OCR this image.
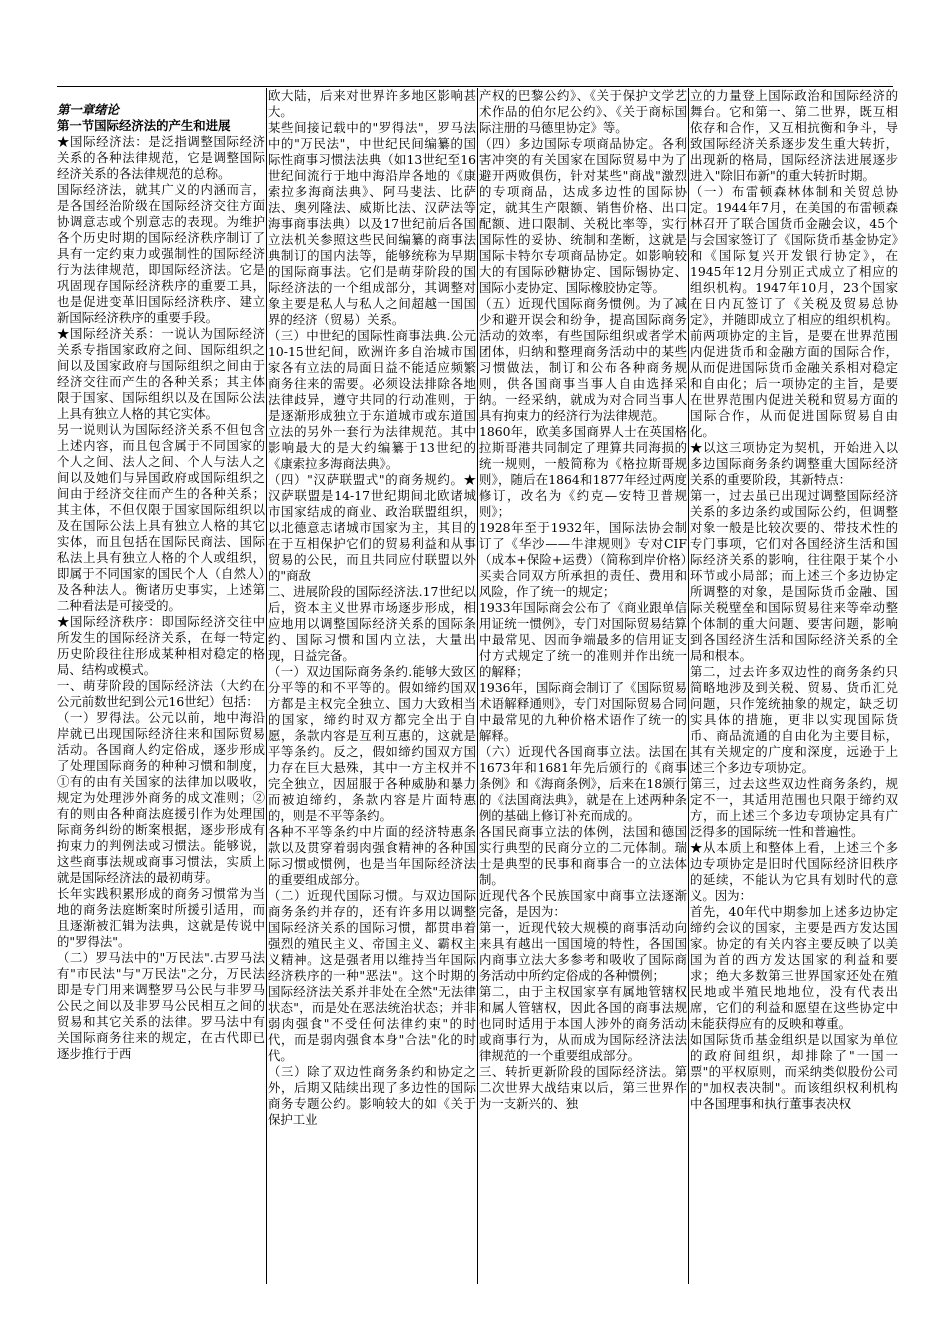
第一章绪论

第一节国际经济法的产生和进展

★国际经济法：是泛指调整国际经济关系的各种法律规范，它是调整国际经济关系的各法律规范的总称。

国际经济法，就其广义的内涵而言，是各国经治阶级在国际经济交往方面协调意志或个别意志的表现。为维护各个历史时期的国际经济秩序制订了具有一定约束力或强制性的国际经济行为法律规范，即国际经济法。它是巩固现存国际经济秩序的重要工具，也是促进变革旧国际经济秩序、建立新国际经济秩序的重要手段。

★国际经济关系：一说认为国际经济关系专指国家政府之间、国际组织之间以及国家政府与国际组织之间由于经济交往而产生的各种关系；其主体限于国家、国际组织以及在国际公法上具有独立人格的其它实体。

另一说则认为国际经济关系不但包含上述内容，而且包含属于不同国家的个人之间、法人之间、个人与法人之间以及她们与异国政府或国际组织之间由于经济交往而产生的各种关系；其主体，不但仅限于国家国际组织以及在国际公法上具有独立人格的其它实体，而且包括在国际民商法、国际私法上具有独立人格的个人或组织，即属于不同国家的国民个人（自然人）及各种法人。衡诸历史事实，上述第二种看法是可接受的。

★国际经济秩序：即国际经济交往中所发生的国际经济关系，在每一特定历史阶段往往形成某种相对稳定的格局、结构或模式。

一、萌芽阶段的国际经济法（大约在公元前数世纪到公元16世纪）包括：

（一）罗得法。公元以前，地中海沿岸就已出现国际经济往来和国际贸易活动。各国商人约定俗成，逐步形成了处理国际商务的种种习惯和制度，①有的由有关国家的法律加以吸收，规定为处理涉外商务的成文准则；②有的则由各种商法庭援引作为处理国际商务纠纷的断案根据，逐步形成有拘束力的判例法或习惯法。能够说，这些商事法规或商事习惯法，实质上就是国际经济法的最初萌芽。

长年实践积累形成的商务习惯常为当地的商务法庭断案时所援引适用，而且逐渐被汇辑为法典，这就是传说中的"罗得法"。

（二）罗马法中的"万民法".古罗马法有"市民法"与"万民法"之分，万民法即是专门用来调整罗马公民与非罗马公民之间以及非罗马公民相互之间的贸易和其它关系的法律。罗马法中有关国际商务往来的规定，在古代即已逐步推行于西

欧大陆，后来对世界许多地区影响甚大。

某些间接记载中的"罗得法"，罗马法中的"万民法"，中世纪民间编纂的国际性商事习惯法法典（如13世纪至16世纪间流行于地中海沿岸各地的《康索拉多海商法典》、阿马斐法、比萨法、奥列隆法、威斯比法、汉萨法等海事商事法典）以及17世纪前后各国立法机关参照这些民间编纂的商事法典制订的国内法等，能够统称为早期的国际商事法。它们是萌芽阶段的国际经济法的一个组成部分，其调整对象主要是私人与私人之间超越一国国界的经济（贸易）关系。

（三）中世纪的国际性商事法典.公元10-15世纪间，欧洲许多自治城市国家各有立法的局面日益不能适应频繁商务往来的需要。必须设法排除各地法律歧异，遵守共同的行动准则，于是逐渐形成独立于东道城市或东道国立法的另外一套行为法律规范。其中影响最大的是大约编纂于13世纪的《康索拉多海商法典》。

（四）"汉萨联盟式"的商务规约。★汉萨联盟是14-17世纪期间北欧诸城市国家结成的商业、政治联盟组织，以北德意志诸城市国家为主，其目的在于互相保护它们的贸易利益和从事贸易的公民，而且共同应付联盟以外的"商敌

二、进展阶段的国际经济法.17世纪以后，资本主义世界市场逐步形成，相应地用以调整国际经济关系的国际条约、国际习惯和国内立法，大量出现，日益完备。

（一）双边国际商务条约.能够大致区分平等的和不平等的。假如缔约国双方都是主权完全独立、国力大致相当的国家，缔约时双方都完全出于自愿，条款内容是互利互惠的，这就是平等条约。反之，假如缔约国双方国力存在巨大悬殊，其中一方主权并不完全独立，因屈服于各种威胁和暴力而被迫缔约，条款内容是片面特惠的，则是不平等条约。

各种不平等条约中片面的经济特惠条款以及贯穿着弱肉强食精神的各种国际习惯或惯例，也是当年国际经济法的重要组成部分。

（二）近现代国际习惯。与双边国际商务条约并存的，还有许多用以调整国际经济关系的国际习惯，都贯串着强烈的殖民主义、帝国主义、霸权主义精神。这是强者用以维持当年国际经济秩序的一种"恶法"。这个时期的国际经济法关系并非处在全然"无法律状态"，而是处在恶法统治状态；并非弱肉强食"不受任何法律约束"的时代，而是弱肉强食本身"合法"化的时代。

（三）除了双边性商务条约和协定之外，后期又陆续出现了多边性的国际商务专题公约。影响较大的如《关于保护工业

产权的巴黎公约》、《关于保护文学艺术作品的伯尔尼公约》、《关于商标国际注册的马德里协定》等。

（四）多边国际专项商品协定。各利害冲突的有关国家在国际贸易中为了避开两败俱伤，针对某些"商战"激烈的专项商品，达成多边性的国际协定，就其生产限额、销售价格、出口配额、进口限制、关税比率等，实行国际性的妥协、统制和垄断，这就是国际卡特尔专项商品协定。如影响较大的有国际砂糖协定、国际锡协定、国际小麦协定、国际橡胶协定等。

（五）近现代国际商务惯例。为了减少和避开误会和纷争，提高国际商务活动的效率，有些国际组织或者学术团体，归纳和整理商务活动中的某些习惯做法，制订和公布各种商务规则，供各国商事当事人自由选择采纳。一经采纳，就成为对合同当事人具有拘束力的经济行为法律规范。

1860年，欧美多国商界人士在英国格拉斯哥港共同制定了理算共同海损的统一规则，一般简称为《格拉斯哥规则》，随后在1864和1877年经过两度修订，改名为《约克—安特卫普规则》；

1928年至于1932年，国际法协会制订了《华沙——牛津规则》专对CIF（成本+保险+运费）（简称到岸价格）买卖合同双方所承担的责任、费用和风险，作了统一的规定；

1933年国际商会公布了《商业跟单信用证统一惯例》，专门对国际贸易结算中最常见、因而争端最多的信用证支付方式规定了统一的准则并作出统一的解释；

1936年，国际商会制订了《国际贸易术语解释通则》，专门对国际贸易合同中最常见的九种价格术语作了统一的解释。

（六）近现代各国商事立法。法国在1673年和1681年先后颁行的《商事条例》和《海商条例》，后来在18颁行的《法国商法典》，就是在上述两种条例的基础上修订补充而成的。

各国民商事立法的体例，法国和德国实行典型的民商分立的二元体制。瑞士是典型的民事和商事合一的立法体制。

近现代各个民族国家中商事立法逐渐完备，是因为：

第一，近现代较大规模的商事活动向来具有越出一国国境的特性，各国国内商事立法大多参考和吸收了国际商务活动中所约定俗成的各种惯例；

第二，由于主权国家享有属地管辖权和属人管辖权，因此各国的商事法规也同时适用于本国人涉外的商务活动或商事行为，从而成为国际经济法法律规范的一个重要组成部分。

三、转折更新阶段的国际经济法。第二次世界大战结束以后，第三世界作为一支新兴的、独

立的力量登上国际政治和国际经济的舞台。它和第一、第二世界，既互相依存和合作，又互相抗衡和争斗，导致国际经济关系逐步发生重大转折，出现新的格局，国际经济法进展逐步进入"除旧布新"的重大转折时期。

（一）布雷顿森林体制和关贸总协定。1944年7月，在美国的布雷顿森林召开了联合国货币金融会议，45个与会国家签订了《国际货币基金协定》和《国际复兴开发银行协定》，在1945年12月分别正式成立了相应的组织机构。1947年10月，23个国家在日内瓦签订了《关税及贸易总协定》，并随即成立了相应的组织机构。前两项协定的主旨，是要在世界范围内促进货币和金融方面的国际合作，从而促进国际货币金融关系相对稳定和自由化；后一项协定的主旨，是要在世界范围内促进关税和贸易方面的国际合作，从而促进国际贸易自由化。

★以这三项协定为契机，开始进入以多边国际商务条约调整重大国际经济关系的重要阶段，其新特点：

第一，过去虽已出现过调整国际经济关系的多边条约或国际公约，但调整对象一般是比较次要的、带技术性的专门事项，它们对各国经济生活和国际经济关系的影响，往往限于某个小环节或小局部；而上述三个多边协定所调整的对象，是国际货币金融、国际关税壁垒和国际贸易往来等牵动整个体制的重大问题、要害问题，影响到各国经济生活和国际经济关系的全局和根本。

第二，过去许多双边性的商务条约只简略地涉及到关税、贸易、货币汇兑问题，只作笼统抽象的规定，缺乏切实具体的措施，更非以实现国际货币、商品流通的自由化为主要目标，其有关规定的广度和深度，远逊于上述三个多边专项协定。

第三，过去这些双边性商务条约，规定不一，其适用范围也只限于缔约双方，而上述三个多边专项协定具有广泛得多的国际统一性和普遍性。

★从本质上和整体上看，上述三个多边专项协定是旧时代国际经济旧秩序的延续，不能认为它具有划时代的意义。因为：

首先，40年代中期参加上述多边协定缔约会议的国家，主要是西方发达国家。协定的有关内容主要反映了以美国为首的西方发达国家的利益和要求；绝大多数第三世界国家还处在殖民地或半殖民地地位，没有代表出席，它们的利益和愿望在这些协定中未能获得应有的反映和尊重。

如国际货币基金组织是以国家为单位的政府间组织，却排除了"一国一票"的平权原则，而采纳类似股份公司的"加权表决制"。而该组织权利机构中各国理事和执行董事表决权
